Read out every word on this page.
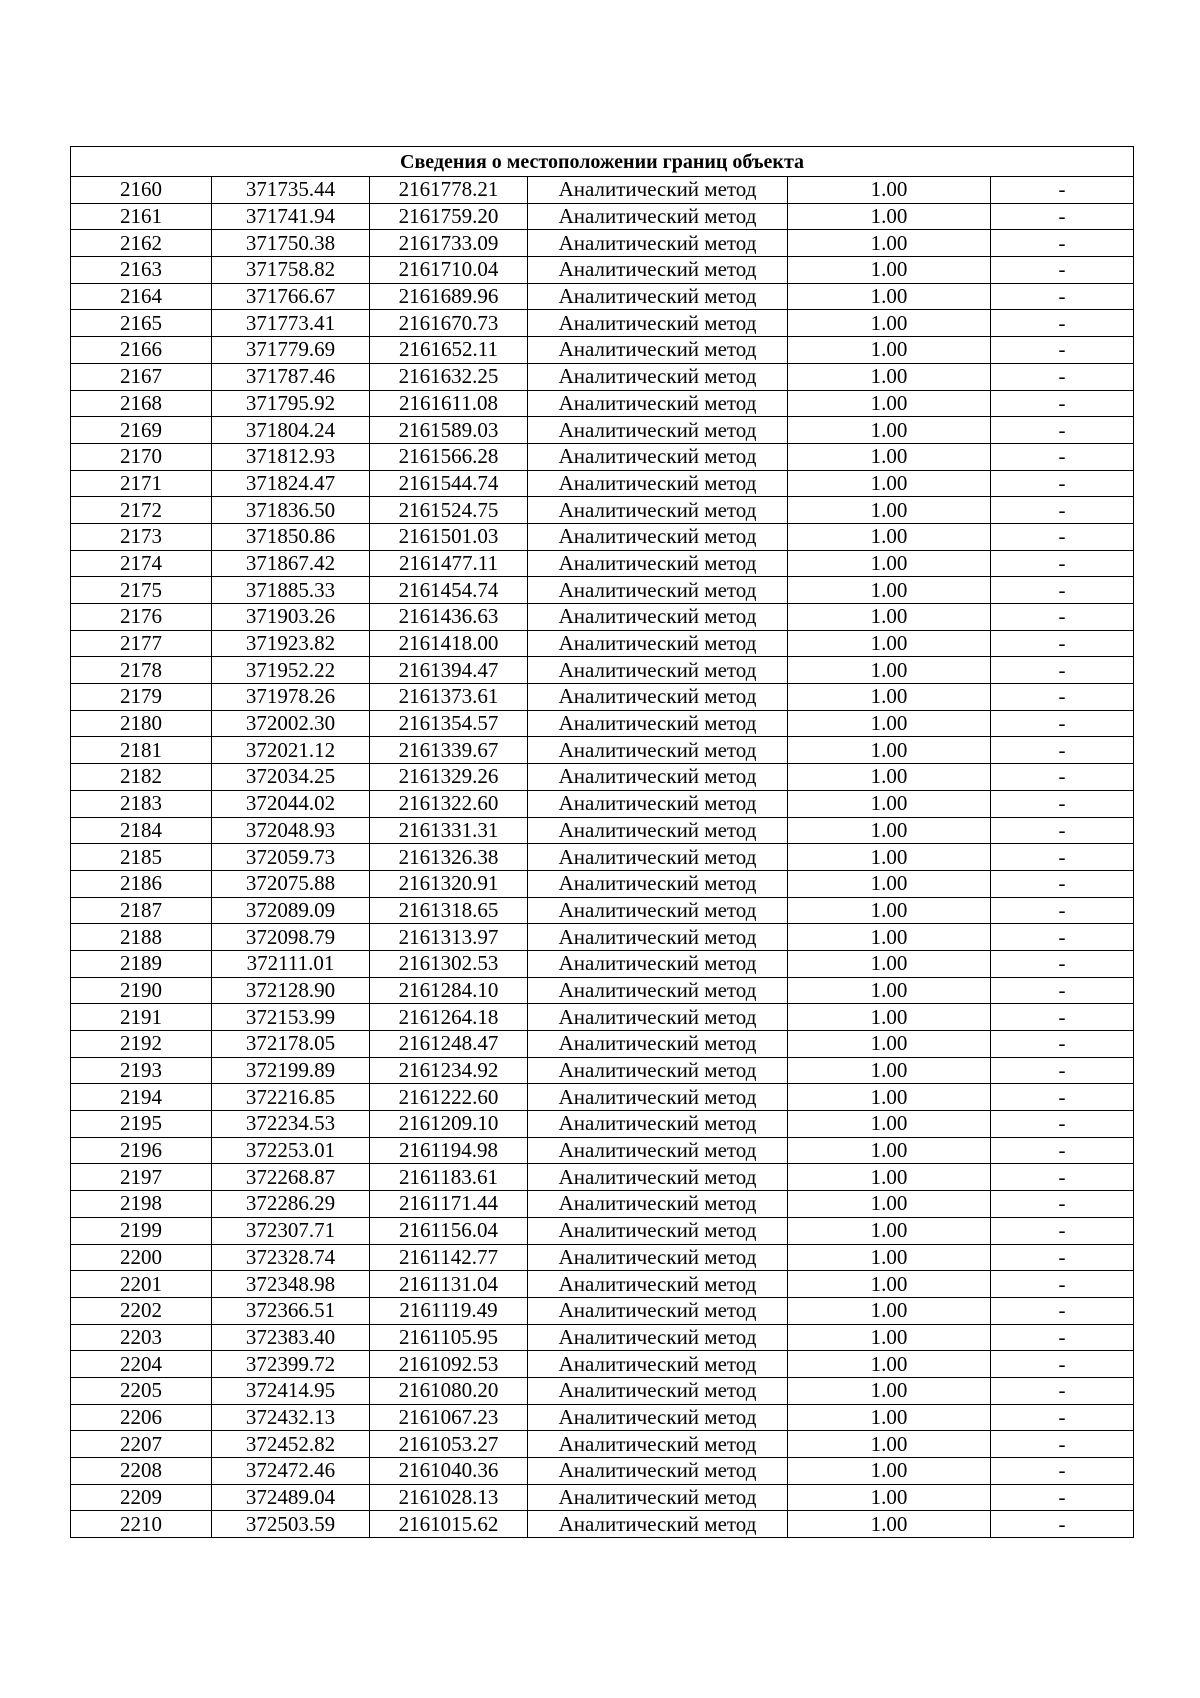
Сведения о местоположении границ объекта					
2160	371735.44	2161778.21	Аналитический метод	1.00	-
2161	371741.94	2161759.20	Аналитический метод	1.00	-
2162	371750.38	2161733.09	Аналитический метод	1.00	-
2163	371758.82	2161710.04	Аналитический метод	1.00	-
2164	371766.67	2161689.96	Аналитический метод	1.00	-
2165	371773.41	2161670.73	Аналитический метод	1.00	-
2166	371779.69	2161652.11	Аналитический метод	1.00	-
2167	371787.46	2161632.25	Аналитический метод	1.00	-
2168	371795.92	2161611.08	Аналитический метод	1.00	-
2169	371804.24	2161589.03	Аналитический метод	1.00	-
2170	371812.93	2161566.28	Аналитический метод	1.00	-
2171	371824.47	2161544.74	Аналитический метод	1.00	-
2172	371836.50	2161524.75	Аналитический метод	1.00	-
2173	371850.86	2161501.03	Аналитический метод	1.00	-
2174	371867.42	2161477.11	Аналитический метод	1.00	-
2175	371885.33	2161454.74	Аналитический метод	1.00	-
2176	371903.26	2161436.63	Аналитический метод	1.00	-
2177	371923.82	2161418.00	Аналитический метод	1.00	-
2178	371952.22	2161394.47	Аналитический метод	1.00	-
2179	371978.26	2161373.61	Аналитический метод	1.00	-
2180	372002.30	2161354.57	Аналитический метод	1.00	-
2181	372021.12	2161339.67	Аналитический метод	1.00	-
2182	372034.25	2161329.26	Аналитический метод	1.00	-
2183	372044.02	2161322.60	Аналитический метод	1.00	-
2184	372048.93	2161331.31	Аналитический метод	1.00	-
2185	372059.73	2161326.38	Аналитический метод	1.00	-
2186	372075.88	2161320.91	Аналитический метод	1.00	-
2187	372089.09	2161318.65	Аналитический метод	1.00	-
2188	372098.79	2161313.97	Аналитический метод	1.00	-
2189	372111.01	2161302.53	Аналитический метод	1.00	-
2190	372128.90	2161284.10	Аналитический метод	1.00	-
2191	372153.99	2161264.18	Аналитический метод	1.00	-
2192	372178.05	2161248.47	Аналитический метод	1.00	-
2193	372199.89	2161234.92	Аналитический метод	1.00	-
2194	372216.85	2161222.60	Аналитический метод	1.00	-
2195	372234.53	2161209.10	Аналитический метод	1.00	-
2196	372253.01	2161194.98	Аналитический метод	1.00	-
2197	372268.87	2161183.61	Аналитический метод	1.00	-
2198	372286.29	2161171.44	Аналитический метод	1.00	-
2199	372307.71	2161156.04	Аналитический метод	1.00	-
2200	372328.74	2161142.77	Аналитический метод	1.00	-
2201	372348.98	2161131.04	Аналитический метод	1.00	-
2202	372366.51	2161119.49	Аналитический метод	1.00	-
2203	372383.40	2161105.95	Аналитический метод	1.00	-
2204	372399.72	2161092.53	Аналитический метод	1.00	-
2205	372414.95	2161080.20	Аналитический метод	1.00	-
2206	372432.13	2161067.23	Аналитический метод	1.00	-
2207	372452.82	2161053.27	Аналитический метод	1.00	-
2208	372472.46	2161040.36	Аналитический метод	1.00	-
2209	372489.04	2161028.13	Аналитический метод	1.00	-
2210	372503.59	2161015.62	Аналитический метод	1.00	-
